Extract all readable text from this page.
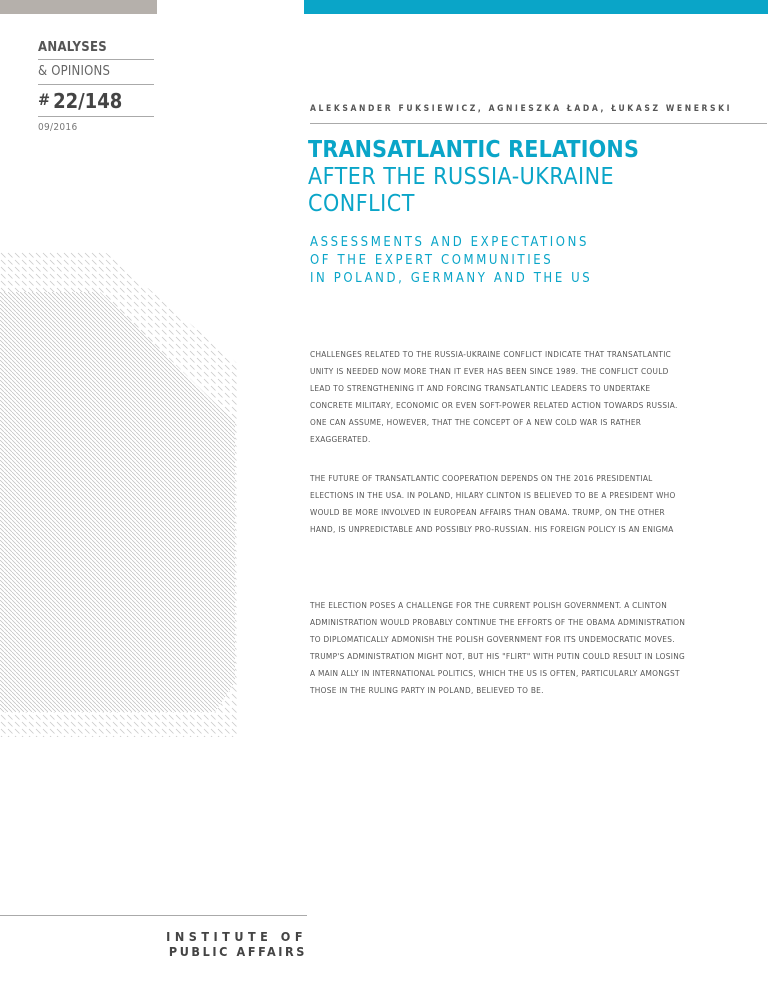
ANALYSES
& OPINIONS
# 22/148
09/2016
ALEKSANDER FUKSIEWICZ, AGNIESZKA ŁADA, ŁUKASZ WENERSKI
TRANSATLANTIC RELATIONS
AFTER THE RUSSIA-UKRAINE CONFLICT
ASSESSMENTS AND EXPECTATIONS
OF THE EXPERT COMMUNITIES
IN POLAND, GERMANY AND THE US
CHALLENGES RELATED TO THE RUSSIA-UKRAINE CONFLICT INDICATE THAT TRANSATLANTIC UNITY IS NEEDED NOW MORE THAN IT EVER HAS BEEN SINCE 1989. THE CONFLICT COULD LEAD TO STRENGTHENING IT AND FORCING TRANSATLANTIC LEADERS TO UNDERTAKE CONCRETE MILITARY, ECONOMIC OR EVEN SOFT-POWER RELATED ACTION TOWARDS RUSSIA. ONE CAN ASSUME, HOWEVER, THAT THE CONCEPT OF A NEW COLD WAR IS RATHER EXAGGERATED.
THE FUTURE OF TRANSATLANTIC COOPERATION DEPENDS ON THE 2016 PRESIDENTIAL ELECTIONS IN THE USA. IN POLAND, HILARY CLINTON IS BELIEVED TO BE A PRESIDENT WHO WOULD BE MORE INVOLVED IN EUROPEAN AFFAIRS THAN OBAMA. TRUMP, ON THE OTHER HAND, IS UNPREDICTABLE AND POSSIBLY PRO-RUSSIAN. HIS FOREIGN POLICY IS AN ENIGMA
THE ELECTION POSES A CHALLENGE FOR THE CURRENT POLISH GOVERNMENT. A CLINTON ADMINISTRATION WOULD PROBABLY CONTINUE THE EFFORTS OF THE OBAMA ADMINISTRATION TO DIPLOMATICALLY ADMONISH THE POLISH GOVERNMENT FOR ITS UNDEMOCRATIC MOVES. TRUMP'S ADMINISTRATION MIGHT NOT, BUT HIS "FLIRT" WITH PUTIN COULD RESULT IN LOSING A MAIN ALLY IN INTERNATIONAL POLITICS, WHICH THE US IS OFTEN, PARTICULARLY AMONGST THOSE IN THE RULING PARTY IN POLAND, BELIEVED TO BE.
INSTITUTE OF
PUBLIC AFFAIRS
